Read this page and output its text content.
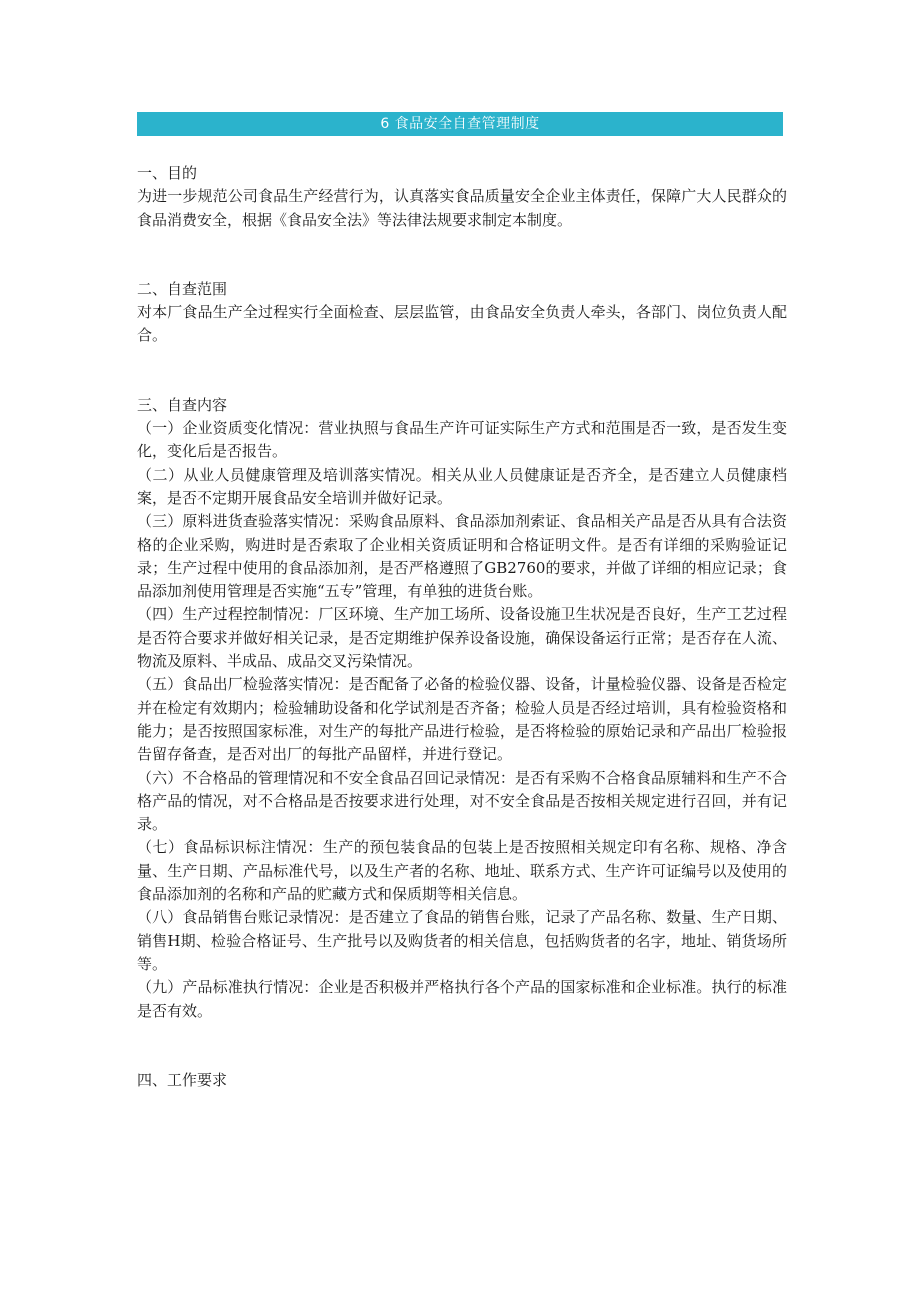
6 食品安全自查管理制度

一、目的

为进一步规范公司食品生产经营行为，认真落实食品质量安全企业主体责任，保障广大人民群众的食品消费安全，根据《食品安全法》等法律法规要求制定本制度。

二、自查范围

对本厂食品生产全过程实行全面检查、层层监管，由食品安全负责人牵头，各部门、岗位负责人配合。

三、自查内容

（一）企业资质变化情况：营业执照与食品生产许可证实际生产方式和范围是否一致，是否发生变化，变化后是否报告。

（二）从业人员健康管理及培训落实情况。相关从业人员健康证是否齐全，是否建立人员健康档案，是否不定期开展食品安全培训并做好记录。

（三）原料进货查验落实情况：采购食品原料、食品添加剂索证、食品相关产品是否从具有合法资格的企业采购，购进时是否索取了企业相关资质证明和合格证明文件。是否有详细的采购验证记录；生产过程中使用的食品添加剂，是否严格遵照了GB2760的要求，并做了详细的相应记录；食品添加剂使用管理是否实施“五专”管理，有单独的进货台账。

（四）生产过程控制情况：厂区环境、生产加工场所、设备设施卫生状况是否良好，生产工艺过程是否符合要求并做好相关记录，是否定期维护保养设备设施，确保设备运行正常；是否存在人流、物流及原料、半成品、成品交叉污染情况。

（五）食品出厂检验落实情况：是否配备了必备的检验仪器、设备，计量检验仪器、设备是否检定并在检定有效期内；检验辅助设备和化学试剂是否齐备；检验人员是否经过培训，具有检验资格和能力；是否按照国家标准，对生产的每批产品进行检验，是否将检验的原始记录和产品出厂检验报告留存备查，是否对出厂的每批产品留样，并进行登记。

（六）不合格品的管理情况和不安全食品召回记录情况：是否有采购不合格食品原辅料和生产不合格产品的情况，对不合格品是否按要求进行处理，对不安全食品是否按相关规定进行召回，并有记录。

（七）食品标识标注情况：生产的预包装食品的包装上是否按照相关规定印有名称、规格、净含量、生产日期、产品标准代号，以及生产者的名称、地址、联系方式、生产许可证编号以及使用的食品添加剂的名称和产品的贮藏方式和保质期等相关信息。

（八）食品销售台账记录情况：是否建立了食品的销售台账，记录了产品名称、数量、生产日期、销售H期、检验合格证号、生产批号以及购货者的相关信息，包括购货者的名字，地址、销货场所等。

（九）产品标准执行情况：企业是否积极并严格执行各个产品的国家标准和企业标准。执行的标准是否有效。

四、工作要求
